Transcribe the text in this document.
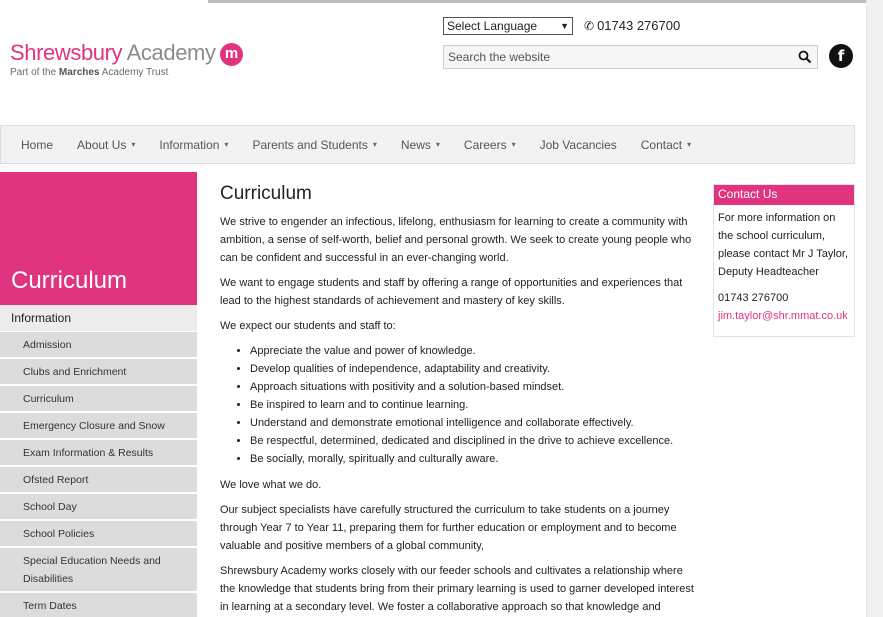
Shrewsbury Academy
Part of the Marches Academy Trust
m
Select Language	▼ ✆ 01743 276700
Search the website
f
Home About Us ▾ Information ▾ Parents and Students ▾ News ▾ Careers ▾ Job Vacancies Contact ▾
Curriculum
Information
Admission
Clubs and Enrichment
Curriculum
Emergency Closure and Snow
Exam Information & Results
Ofsted Report
School Day
School Policies
Special Education Needs and Disabilities
Term Dates
Curriculum

We strive to engender an infectious, lifelong, enthusiasm for learning to create a community with ambition, a sense of self-worth, belief and personal growth. We seek to create young people who can be confident and successful in an ever-changing world.

We want to engage students and staff by offering a range of opportunities and experiences that lead to the highest standards of achievement and mastery of key skills.

We expect our students and staff to:

• Appreciate the value and power of knowledge.
• Develop qualities of independence, adaptability and creativity.
• Approach situations with positivity and a solution-based mindset.
• Be inspired to learn and to continue learning.
• Understand and demonstrate emotional intelligence and collaborate effectively.
• Be respectful, determined, dedicated and disciplined in the drive to achieve excellence.
• Be socially, morally, spiritually and culturally aware.

We love what we do.

Our subject specialists have carefully structured the curriculum to take students on a journey through Year 7 to Year 11, preparing them for further education or employment and to become valuable and positive members of a global community,

Shrewsbury Academy works closely with our feeder schools and cultivates a relationship where the knowledge that students bring from their primary learning is used to garner developed interest in learning at a secondary level. We foster a collaborative approach so that knowledge and

Contact Us
For more information on the school curriculum, please contact Mr J Taylor, Deputy Headteacher
01743 276700
jim.taylor@shr.mmat.co.uk
